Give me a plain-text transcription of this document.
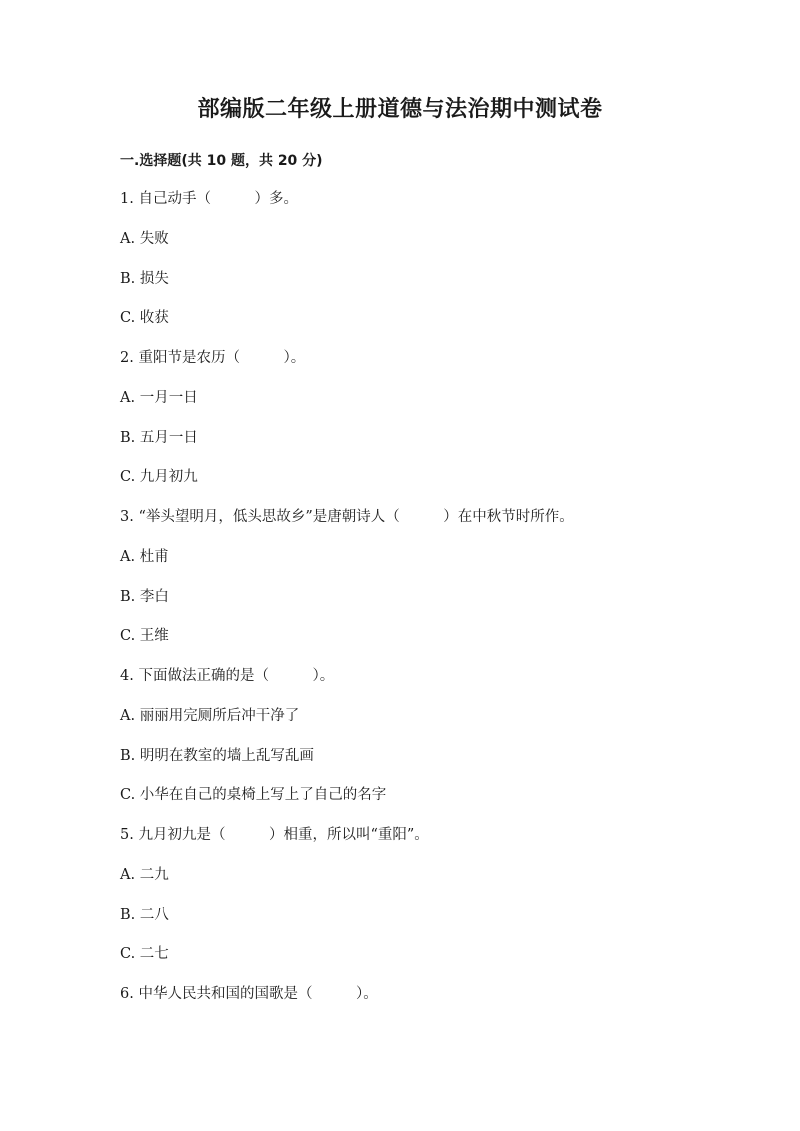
部编版二年级上册道德与法治期中测试卷
一.选择题(共 10 题，共 20 分)
1. 自己动手（　　　）多。
A. 失败
B. 损失
C. 收获
2. 重阳节是农历（　　　）。
A. 一月一日
B. 五月一日
C. 九月初九
3. “举头望明月，低头思故乡”是唐朝诗人（　　　）在中秋节时所作。
A. 杜甫
B. 李白
C. 王维
4. 下面做法正确的是（　　　）。
A. 丽丽用完厕所后冲干净了
B. 明明在教室的墙上乱写乱画
C. 小华在自己的桌椅上写上了自己的名字
5. 九月初九是（　　　）相重，所以叫“重阳”。
A. 二九
B. 二八
C. 二七
6. 中华人民共和国的国歌是（　　　）。
